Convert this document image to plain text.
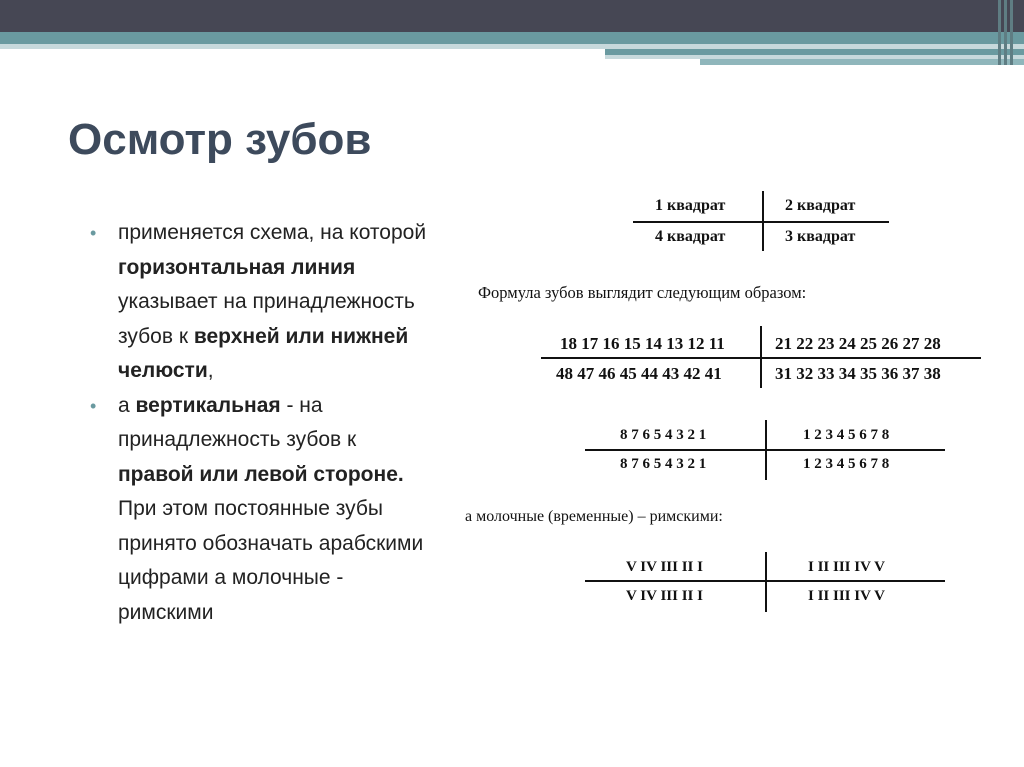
Осмотр зубов

• применяется схема, на которой горизонтальная линия указывает на принадлежность зубов к верхней или нижней челюсти,

• а вертикальная - на принадлежность зубов к правой или левой стороне. При этом постоянные зубы принято обозначать арабскими цифрами а молочные - римскими

1 квадрат	2 квадрат
4 квадрат	3 квадрат
Формула зубов выглядит следующим образом:
18 17 16 15 14 13 12 11	21 22 23 24 25 26 27 28
48 47 46 45 44 43 42 41	31 32 33 34 35 36 37 38
8 7 6 5 4 3 2 1	1 2 3 4 5 6 7 8
8 7 6 5 4 3 2 1	1 2 3 4 5 6 7 8
а молочные (временные) – римскими:
V IV III II I	I II III IV V
V IV III II I	I II III IV V
